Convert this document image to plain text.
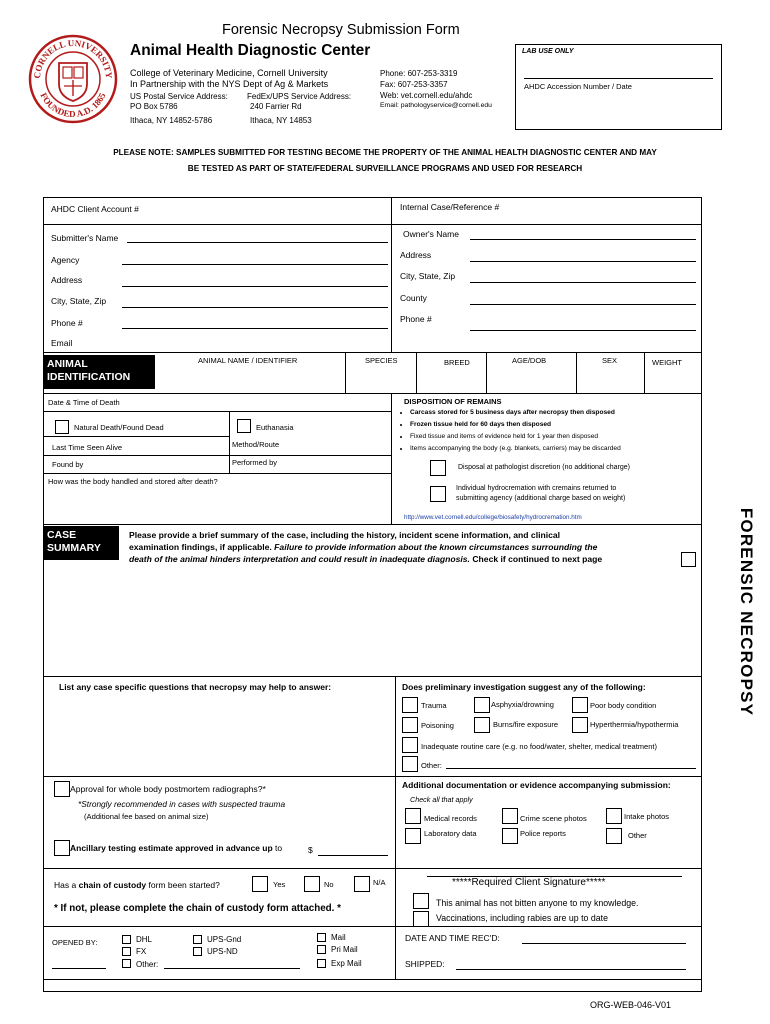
CORNELL UNIVERSITY
FOUNDED A.D. 1865
Forensic Necropsy Submission Form
Animal Health Diagnostic Center
College of Veterinary Medicine, Cornell University
In Partnership with the NYS Dept of Ag & Markets
US Postal Service Address:
PO Box 5786
Ithaca, NY 14852-5786
FedEx/UPS Service Address:
240 Farrier Rd
Ithaca, NY 14853
Phone: 607-253-3319
Fax: 607-253-3357
Web: vet.cornell.edu/ahdc
Email: pathologyservice@cornell.edu
LAB USE ONLY
AHDC Accession Number / Date
PLEASE NOTE: SAMPLES SUBMITTED FOR TESTING BECOME THE PROPERTY OF THE ANIMAL HEALTH DIAGNOSTIC CENTER AND MAY
BE TESTED AS PART OF STATE/FEDERAL SURVEILLANCE PROGRAMS AND USED FOR RESEARCH
FORENSIC NECROPSY
AHDC Client Account #	Internal Case/Reference #
Submitter's Name
Agency
Address
City, State, Zip
Phone #
Email
Owner's Name
Address
City, State, Zip
County
Phone #
ANIMAL
IDENTIFICATION
ANIMAL NAME / IDENTIFIER	SPECIES	BREED	AGE/DOB	SEX	WEIGHT
Date & Time of Death
Natural Death/Found Dead	Euthanasia
Last Time Seen Alive	Method/Route
Found by	Performed by
How was the body handled and stored after death?
DISPOSITION OF REMAINS
• Carcass stored for 5 business days after necropsy then disposed
• Frozen tissue held for 60 days then disposed
• Fixed tissue and items of evidence held for 1 year then disposed
• Items accompanying the body (e.g. blankets, carriers) may be discarded
Disposal at pathologist discretion (no additional charge)
Individual hydrocremation with cremains returned to
submitting agency (additional charge based on weight)
http://www.vet.cornell.edu/college/biosafety/hydrocremation.htm
CASE
SUMMARY
Please provide a brief summary of the case, including the history, incident scene information, and clinical
examination findings, if applicable. Failure to provide information about the known circumstances surrounding the
death of the animal hinders interpretation and could result in inadequate diagnosis. Check if continued to next page
List any case specific questions that necropsy may help to answer:	Does preliminary investigation suggest any of the following:
Trauma	Asphyxia/drowning	Poor body condition
Poisoning	Burns/fire exposure	Hyperthermia/hypothermia
Inadequate routine care (e.g. no food/water, shelter, medical treatment)
Other:
Approval for whole body postmortem radiographs?*
*Strongly recommended in cases with suspected trauma
(Additional fee based on animal size)
Ancillary testing estimate approved in advance up to	$
Additional documentation or evidence accompanying submission:
Check all that apply
Medical records	Crime scene photos	Intake photos
Laboratory data	Police reports	Other
Has a chain of custody form been started?	Yes	No	N/A
* If not, please complete the chain of custody form attached. *
*****Required Client Signature*****
This animal has not bitten anyone to my knowledge.
Vaccinations, including rabies are up to date
OPENED BY:	DHL
FX
Other:
UPS-Gnd
UPS-ND
Mail
Pri Mail
Exp Mail
DATE AND TIME REC'D:
SHIPPED:
ORG-WEB-046-V01
